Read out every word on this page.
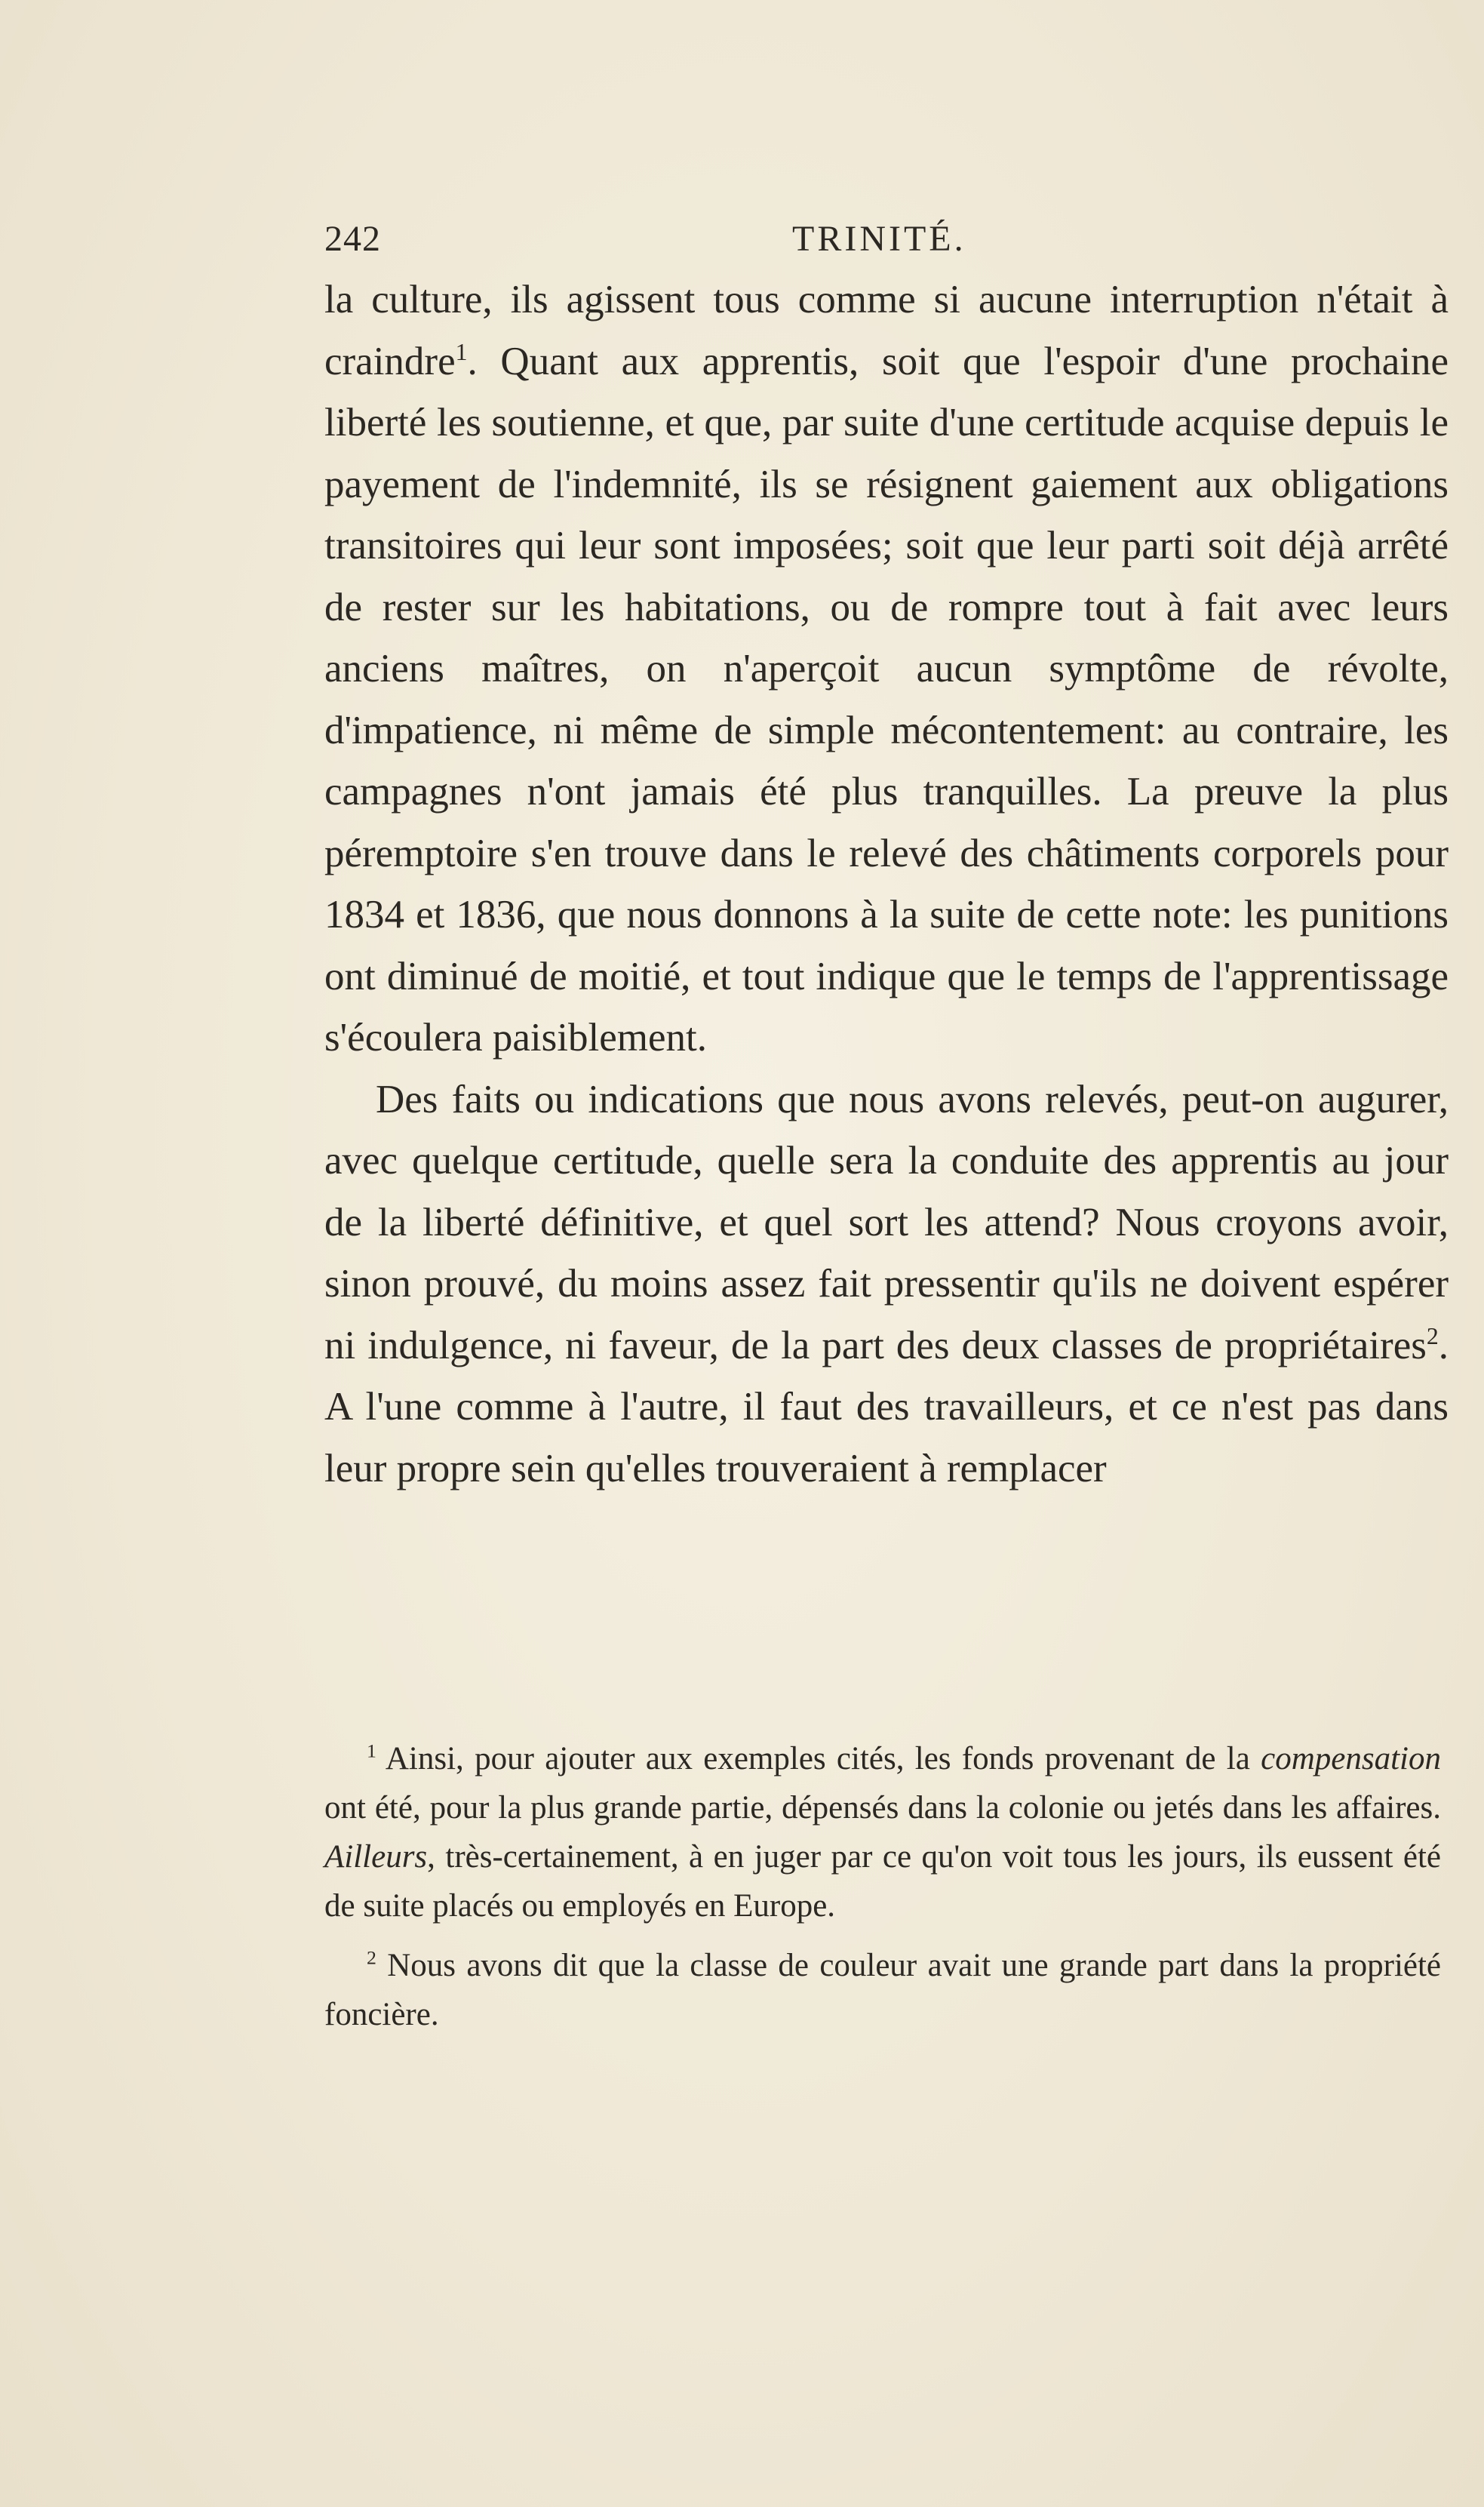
242	TRINITÉ.

la culture, ils agissent tous comme si aucune interruption n'était à craindre$^1$. Quant aux apprentis, soit que l'espoir d'une prochaine liberté les soutienne, et que, par suite d'une certitude acquise depuis le payement de l'indemnité, ils se résignent gaiement aux obligations transitoires qui leur sont imposées; soit que leur parti soit déjà arrêté de rester sur les habitations, ou de rompre tout à fait avec leurs anciens maîtres, on n'aperçoit aucun symptôme de révolte, d'impatience, ni même de simple mécontentement: au contraire, les campagnes n'ont jamais été plus tranquilles. La preuve la plus péremptoire s'en trouve dans le relevé des châtiments corporels pour 1834 et 1836, que nous donnons à la suite de cette note: les punitions ont diminué de moitié, et tout indique que le temps de l'apprentissage s'écoulera paisiblement.

Des faits ou indications que nous avons relevés, peut-on augurer, avec quelque certitude, quelle sera la conduite des apprentis au jour de la liberté définitive, et quel sort les attend? Nous croyons avoir, sinon prouvé, du moins assez fait pressentir qu'ils ne doivent espérer ni indulgence, ni faveur, de la part des deux classes de propriétaires$^2$. A l'une comme à l'autre, il faut des travailleurs, et ce n'est pas dans leur propre sein qu'elles trouveraient à remplacer

$^1$ Ainsi, pour ajouter aux exemples cités, les fonds provenant de la compensation ont été, pour la plus grande partie, dépensés dans la colonie ou jetés dans les affaires. Ailleurs, très-certainement, à en juger par ce qu'on voit tous les jours, ils eussent été de suite placés ou employés en Europe.

$^2$ Nous avons dit que la classe de couleur avait une grande part dans la propriété foncière.
